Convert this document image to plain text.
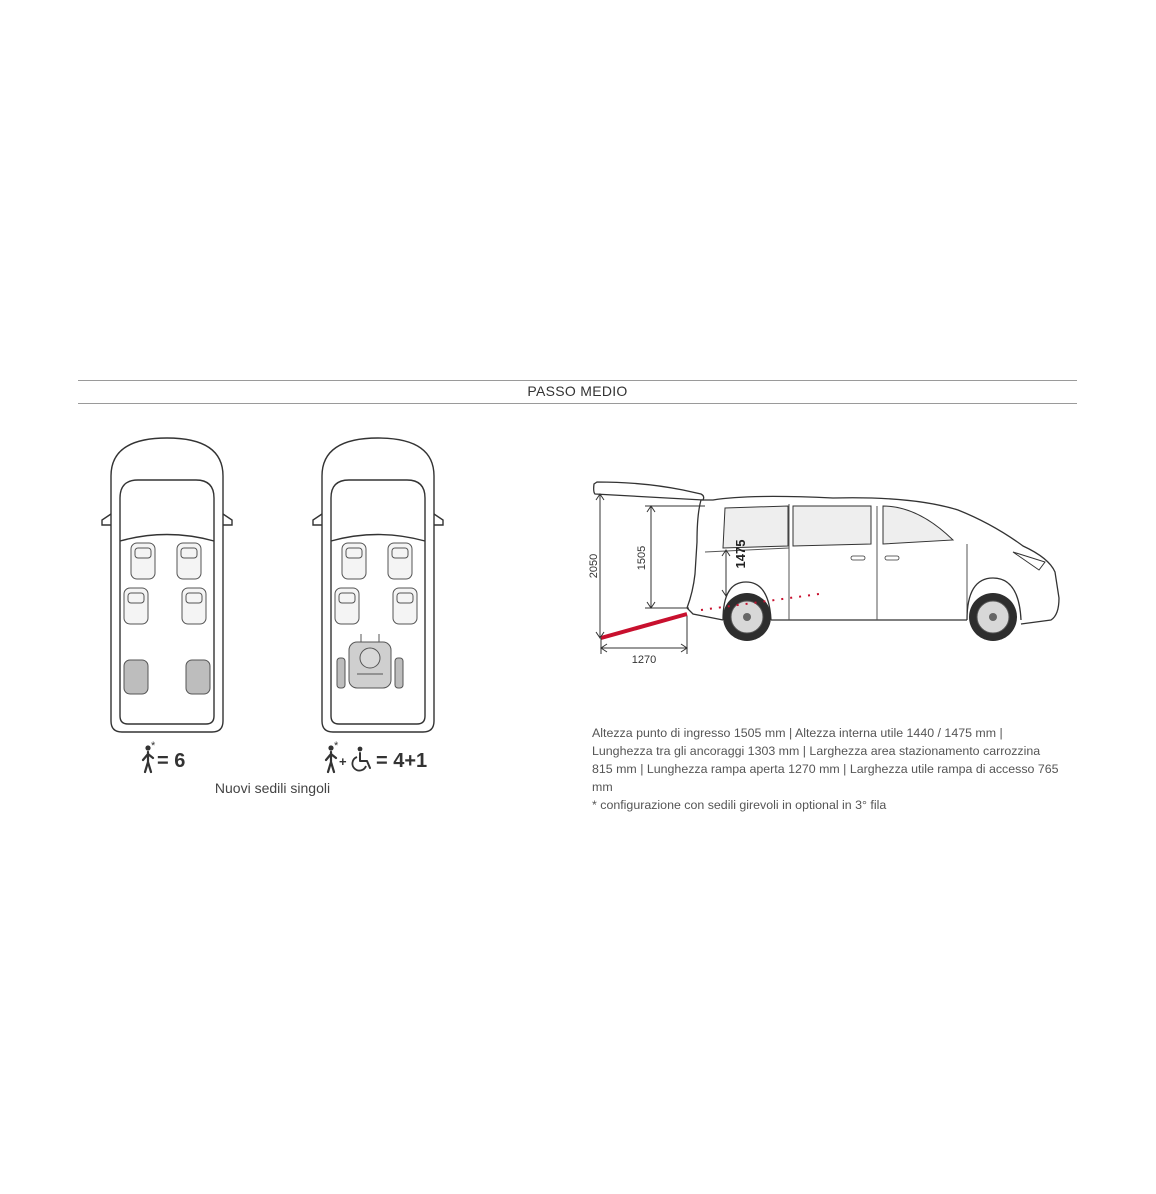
PASSO MEDIO
*
= 6
*
+ = 4+1
Nuovi sedili singoli
2050	1505	1475
1270

Altezza punto di ingresso 1505 mm | Altezza interna utile 1440 / 1475 mm | Lunghezza tra gli ancoraggi 1303 mm | Larghezza area stazionamento carrozzina 815 mm | Lunghezza rampa aperta 1270 mm | Larghezza utile rampa di accesso 765 mm

* configurazione con sedili girevoli in optional in 3° fila
